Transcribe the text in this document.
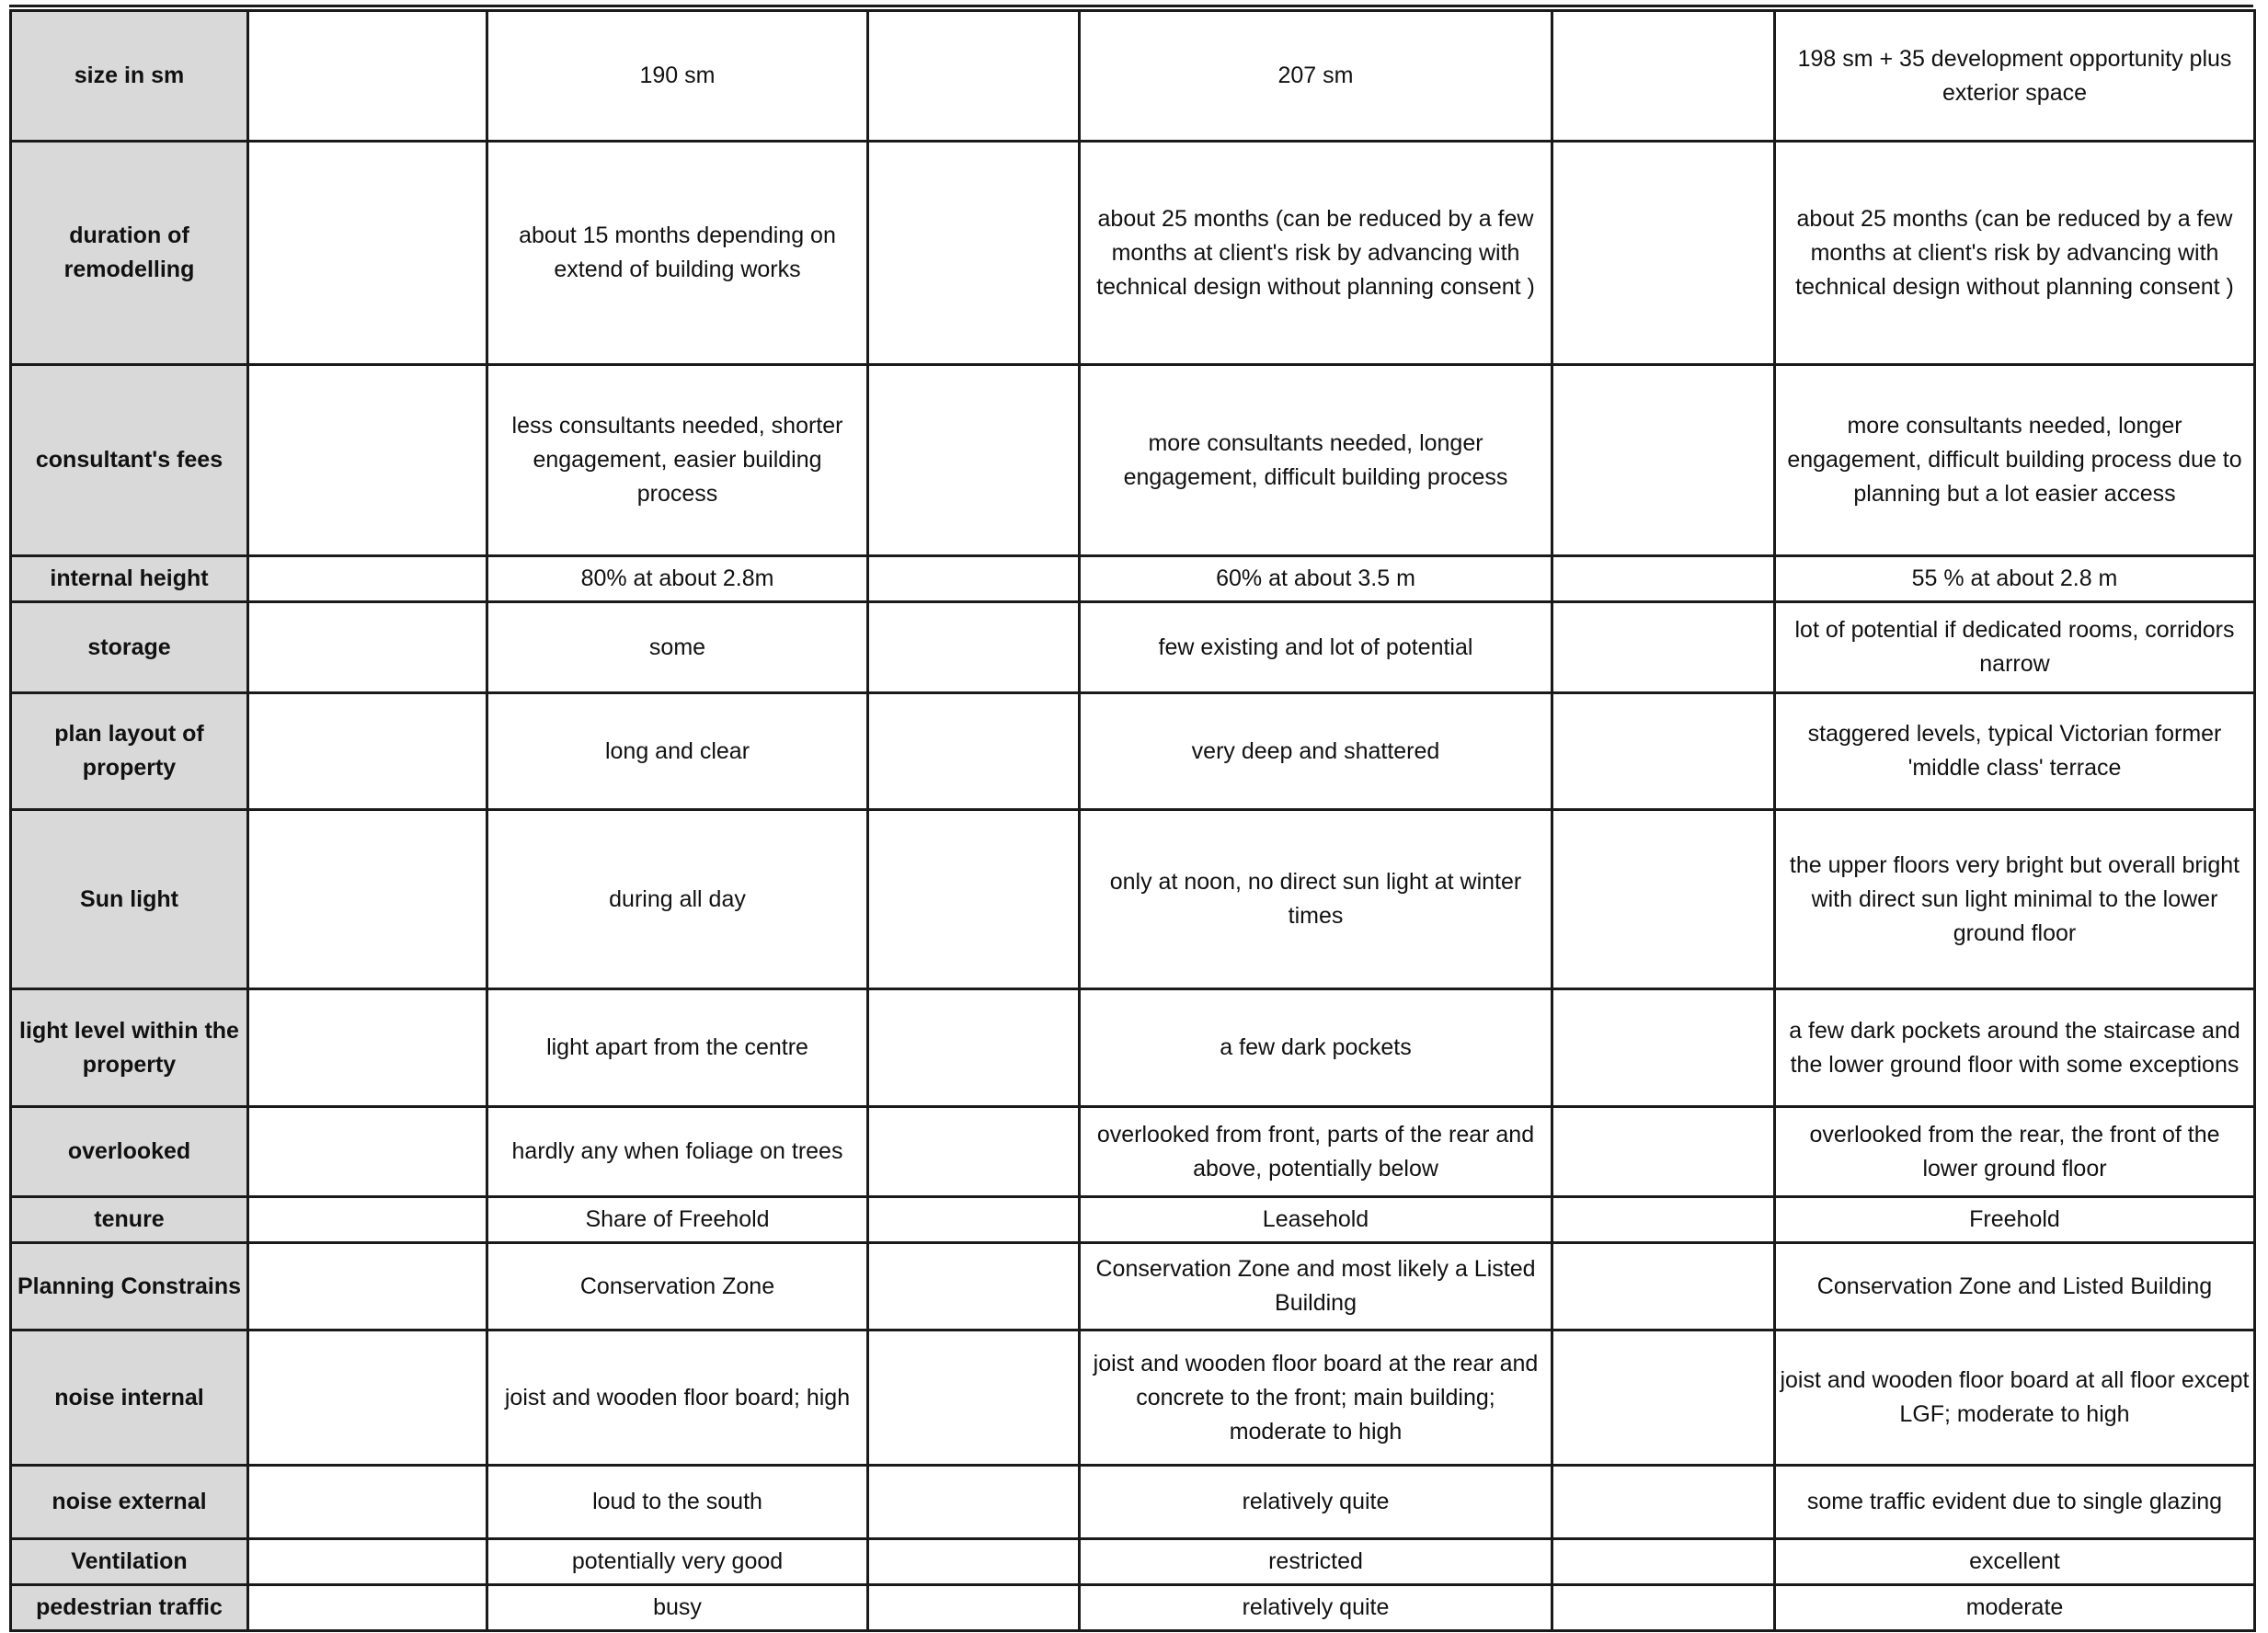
size in sm		190 sm		207 sm		198 sm + 35 development opportunity plus exterior space
duration of remodelling		about 15 months depending on extend of building works		about 25 months (can be reduced by a few months at client's risk by advancing with technical design without planning consent )		about 25 months (can be reduced by a few months at client's risk by advancing with technical design without planning consent )
consultant's fees		less consultants needed, shorter engagement, easier building process		more consultants needed, longer engagement, difficult building process		more consultants needed, longer engagement, difficult building process due to planning but a lot easier access
internal height		80% at about 2.8m		60% at about 3.5 m		55 % at about 2.8 m
storage		some		few existing and lot of potential		lot of potential if dedicated rooms, corridors narrow
plan layout of property		long and clear		very deep and shattered		staggered levels, typical Victorian former 'middle class' terrace
Sun light		during all day		only at noon, no direct sun light at winter times		the upper floors very bright but overall bright with direct sun light minimal to the lower ground floor
light level within the property		light apart from the centre		a few dark pockets		a few dark pockets around the staircase and the lower ground floor with some exceptions
overlooked		hardly any when foliage on trees		overlooked from front, parts of the rear and above, potentially below		overlooked from the rear, the front of the lower ground floor
tenure		Share of Freehold		Leasehold		Freehold
Planning Constrains		Conservation Zone		Conservation Zone and most likely a Listed Building		Conservation Zone and Listed Building
noise internal		joist and wooden floor board; high		joist and wooden floor board at the rear and concrete to the front; main building; moderate to high		joist and wooden floor board at all floor except LGF; moderate to high
noise external		loud to the south		relatively quite		some traffic evident due to single glazing
Ventilation		potentially very good		restricted		excellent
pedestrian traffic		busy		relatively quite		moderate
